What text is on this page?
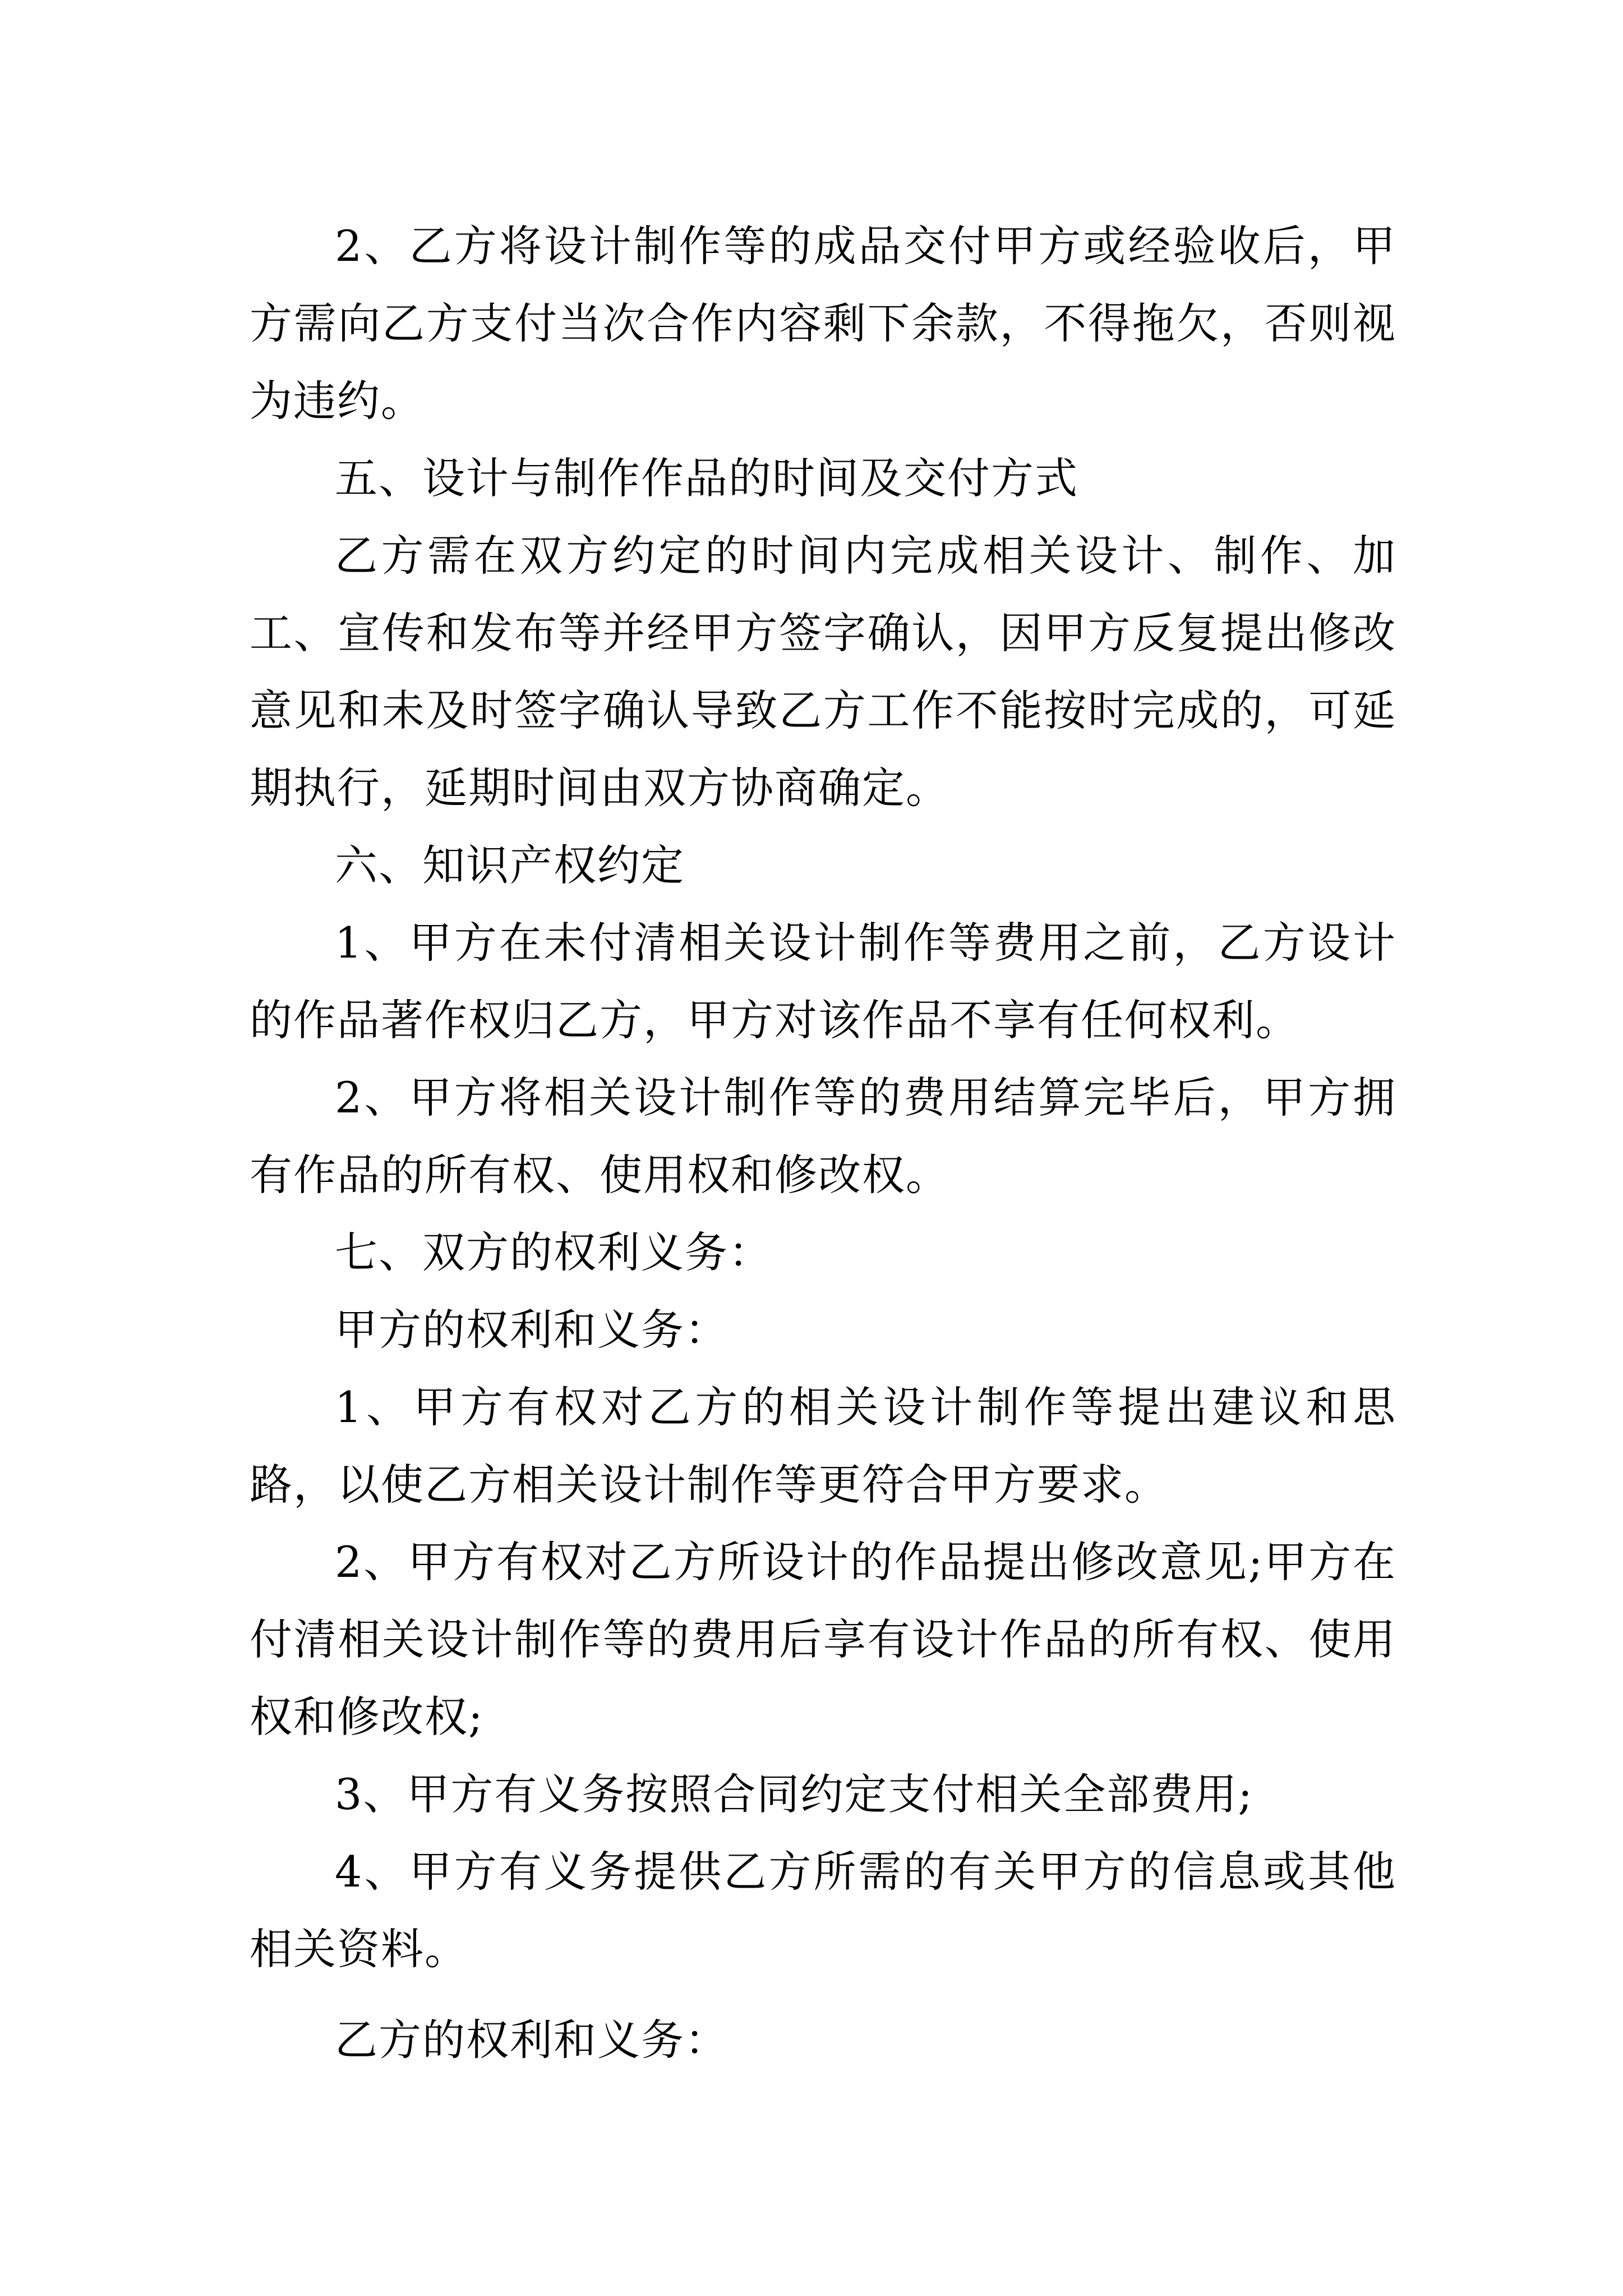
2、乙方将设计制作等的成品交付甲方或经验收后，甲方需向乙方支付当次合作内容剩下余款，不得拖欠，否则视为违约。

五、设计与制作作品的时间及交付方式

乙方需在双方约定的时间内完成相关设计、制作、加工、宣传和发布等并经甲方签字确认，因甲方反复提出修改意见和未及时签字确认导致乙方工作不能按时完成的，可延期执行，延期时间由双方协商确定。

六、知识产权约定

1、甲方在未付清相关设计制作等费用之前，乙方设计的作品著作权归乙方，甲方对该作品不享有任何权利。

2、甲方将相关设计制作等的费用结算完毕后，甲方拥有作品的所有权、使用权和修改权。

七、双方的权利义务：

甲方的权利和义务：

1、甲方有权对乙方的相关设计制作等提出建议和思路，以使乙方相关设计制作等更符合甲方要求。

2、甲方有权对乙方所设计的作品提出修改意见;甲方在付清相关设计制作等的费用后享有设计作品的所有权、使用权和修改权;

3、甲方有义务按照合同约定支付相关全部费用;

4、甲方有义务提供乙方所需的有关甲方的信息或其他相关资料。

乙方的权利和义务：
